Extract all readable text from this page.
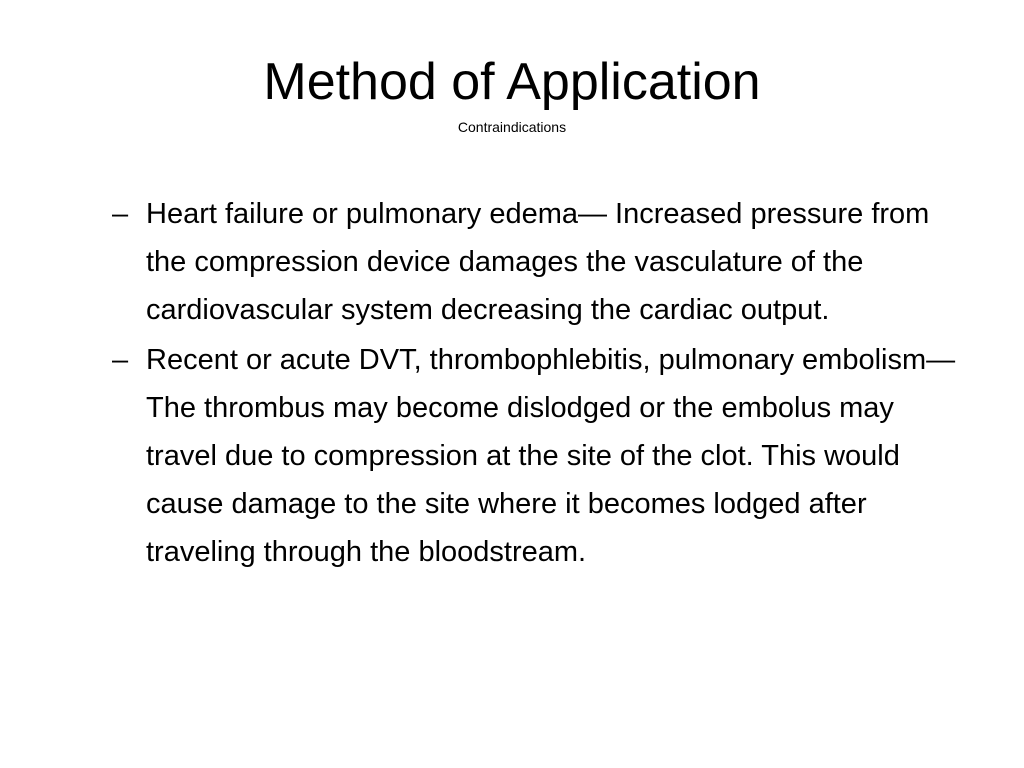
Method of Application
Contraindications
– Heart failure or pulmonary edema— Increased pressure from the compression device damages the vasculature of the cardiovascular system decreasing the cardiac output.
– Recent or acute DVT, thrombophlebitis, pulmonary embolism— The thrombus may become dislodged or the embolus may travel due to compression at the site of the clot. This would cause damage to the site where it becomes lodged after traveling through the bloodstream.
